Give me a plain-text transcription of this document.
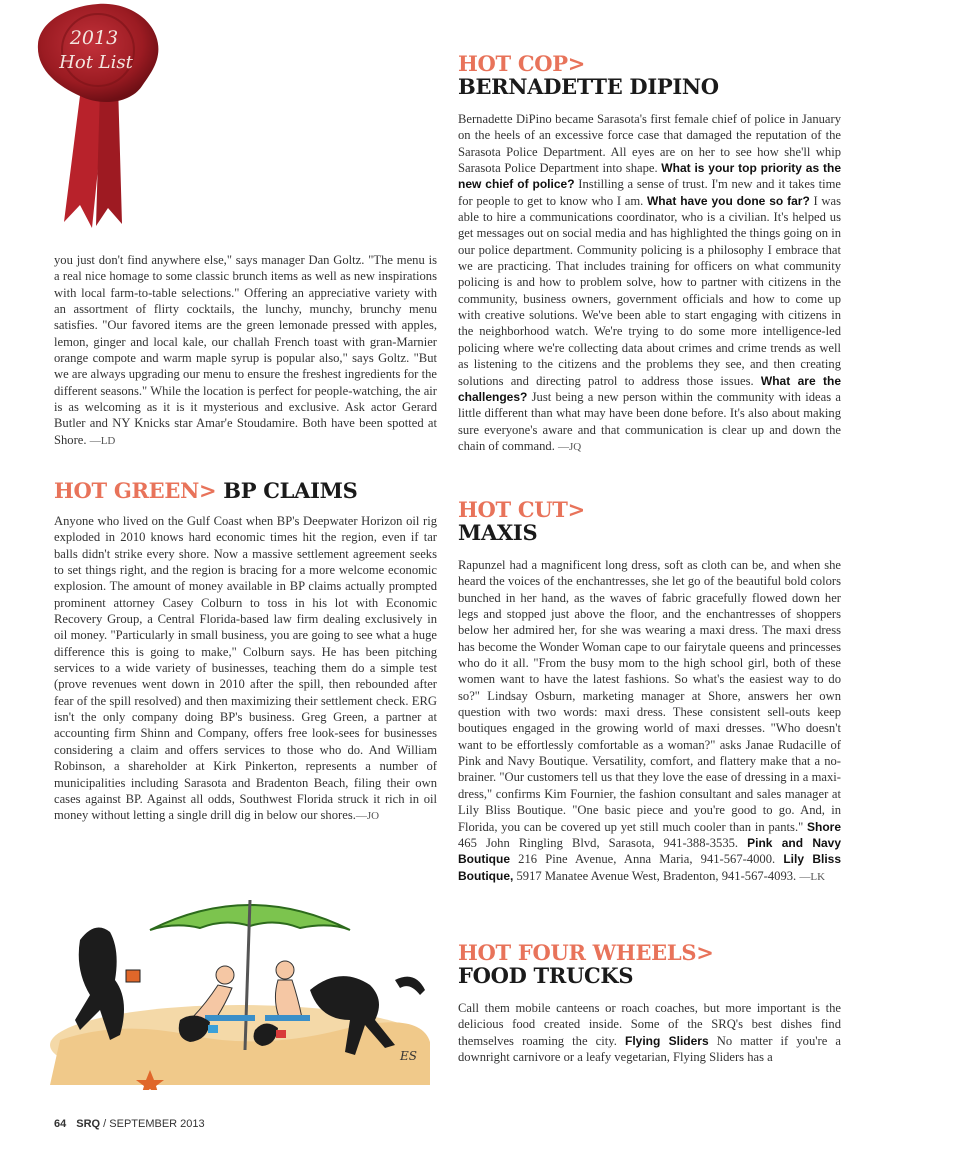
2013
Hot List

you just don't find anywhere else," says manager Dan Goltz. "The menu is a real nice homage to some classic brunch items as well as new inspirations with local farm-to-table selections." Offering an appreciative variety with an assortment of flirty cocktails, the lunchy, munchy, brunchy menu satisfies. "Our favored items are the green lemonade pressed with apples, lemon, ginger and local kale, our challah French toast with gran-Marnier orange compote and warm maple syrup is popular also," says Goltz. "But we are always upgrading our menu to ensure the freshest ingredients for the different seasons." While the location is perfect for people-watching, the air is as welcoming as it is it mysterious and exclusive. Ask actor Gerard Butler and NY Knicks star Amar'e Stoudamire. Both have been spotted at Shore. —LD

HOT GREEN> BP CLAIMS

Anyone who lived on the Gulf Coast when BP's Deepwater Horizon oil rig exploded in 2010 knows hard economic times hit the region, even if tar balls didn't strike every shore. Now a massive settlement agreement seeks to set things right, and the region is bracing for a more welcome economic explosion. The amount of money available in BP claims actually prompted prominent attorney Casey Colburn to toss in his lot with Economic Recovery Group, a Central Florida-based law firm dealing exclusively in oil money. "Particularly in small business, you are going to see what a huge difference this is going to make," Colburn says. He has been pitching services to a wide variety of businesses, teaching them do a simple test (prove revenues went down in 2010 after the spill, then rebounded after fear of the spill resolved) and then maximizing their settlement check. ERG isn't the only company doing BP's business. Greg Green, a partner at accounting firm Shinn and Company, offers free look-sees for businesses considering a claim and offers services to those who do. And William Robinson, a shareholder at Kirk Pinkerton, represents a number of municipalities including Sarasota and Bradenton Beach, filing their own cases against BP. Against all odds, Southwest Florida struck it rich in oil money without letting a single drill dig in below our shores.—JO

ES
HOT COP>
BERNADETTE DIPINO

Bernadette DiPino became Sarasota's first female chief of police in January on the heels of an excessive force case that damaged the reputation of the Sarasota Police Department. All eyes are on her to see how she'll whip Sarasota Police Department into shape. What is your top priority as the new chief of police? Instilling a sense of trust. I'm new and it takes time for people to get to know who I am. What have you done so far? I was able to hire a communications coordinator, who is a civilian. It's helped us get messages out on social media and has highlighted the things going on in our police department. Community policing is a philosophy I embrace that we are practicing. That includes training for officers on what community policing is and how to problem solve, how to partner with citizens in the community, business owners, government officials and how to come up with creative solutions. We've been able to start engaging with citizens in the neighborhood watch. We're trying to do some more intelligence-led policing where we're collecting data about crimes and crime trends as well as listening to the citizens and the problems they see, and then creating solutions and directing patrol to address those issues. What are the challenges? Just being a new person within the community with ideas a little different than what may have been done before. It's also about making sure everyone's aware and that communication is clear up and down the chain of command. —JQ

HOT CUT>
MAXIS

Rapunzel had a magnificent long dress, soft as cloth can be, and when she heard the voices of the enchantresses, she let go of the beautiful bold colors bunched in her hand, as the waves of fabric gracefully flowed down her legs and stopped just above the floor, and the enchantresses of shoppers below her admired her, for she was wearing a maxi dress. The maxi dress has become the Wonder Woman cape to our fairytale queens and princesses who do it all. "From the busy mom to the high school girl, both of these women want to have the latest fashions. So what's the easiest way to do so?" Lindsay Osburn, marketing manager at Shore, answers her own question with two words: maxi dress. These consistent sell-outs keep boutiques engaged in the growing world of maxi dresses. "Who doesn't want to be effortlessly comfortable as a woman?" asks Janae Rudacille of Pink and Navy Boutique. Versatility, comfort, and flattery make that a no-brainer. "Our customers tell us that they love the ease of dressing in a maxi-dress," confirms Kim Fournier, the fashion consultant and sales manager at Lily Bliss Boutique. "One basic piece and you're good to go. And, in Florida, you can be covered up yet still much cooler than in pants." Shore 465 John Ringling Blvd, Sarasota, 941-388-3535. Pink and Navy Boutique 216 Pine Avenue, Anna Maria, 941-567-4000. Lily Bliss Boutique, 5917 Manatee Avenue West, Bradenton, 941-567-4093. —LK

HOT FOUR WHEELS>
FOOD TRUCKS

Call them mobile canteens or roach coaches, but more important is the delicious food created inside. Some of the SRQ's best dishes find themselves roaming the city. Flying Sliders No matter if you're a downright carnivore or a leafy vegetarian, Flying Sliders has a

64 SRQ / SEPTEMBER 2013
